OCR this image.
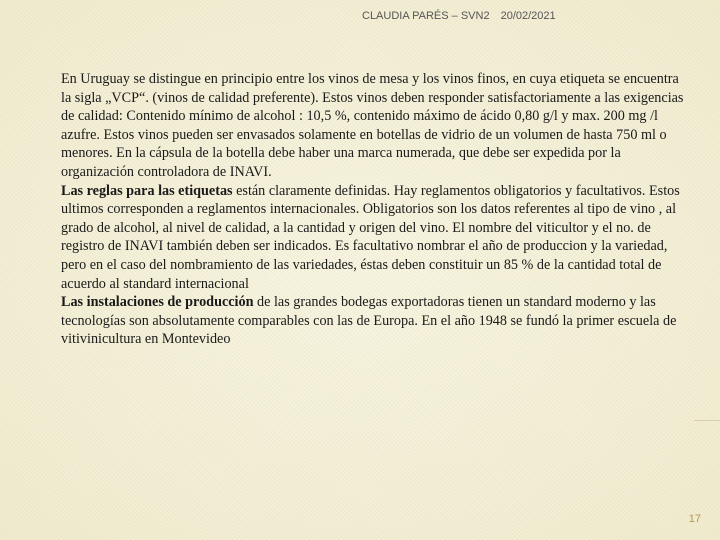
CLAUDIA PARÉS – SVN2 20/02/2021

En Uruguay se distingue en principio entre los vinos de mesa y los vinos finos, en cuya etiqueta se encuentra la sigla „VCP“. (vinos de calidad preferente). Estos vinos deben responder satisfactoriamente a las exigencias de calidad: Contenido mínimo de alcohol : 10,5 %, contenido máximo de ácido 0,80 g/l y max. 200 mg /l azufre. Estos vinos pueden ser envasados solamente en botellas de vidrio de un volumen de hasta 750 ml o menores. En la cápsula de la botella debe haber una marca numerada, que debe ser expedida por la organización controladora de INAVI.

Las reglas para las etiquetas están claramente definidas. Hay reglamentos obligatorios y facultativos. Estos ultimos corresponden a reglamentos internacionales. Obligatorios son los datos referentes al tipo de vino , al grado de alcohol, al nivel de calidad, a la cantidad y origen del vino. El nombre del viticultor y el no. de registro de INAVI también deben ser indicados. Es facultativo nombrar el año de produccion y la variedad, pero en el caso del nombramiento de las variedades, éstas deben constituir un 85 % de la cantidad total de acuerdo al standard internacional

Las instalaciones de producción de las grandes bodegas exportadoras tienen un standard moderno y las tecnologías son absolutamente comparables con las de Europa. En el año 1948 se fundó la primer escuela de vitivinicultura en Montevideo

17
